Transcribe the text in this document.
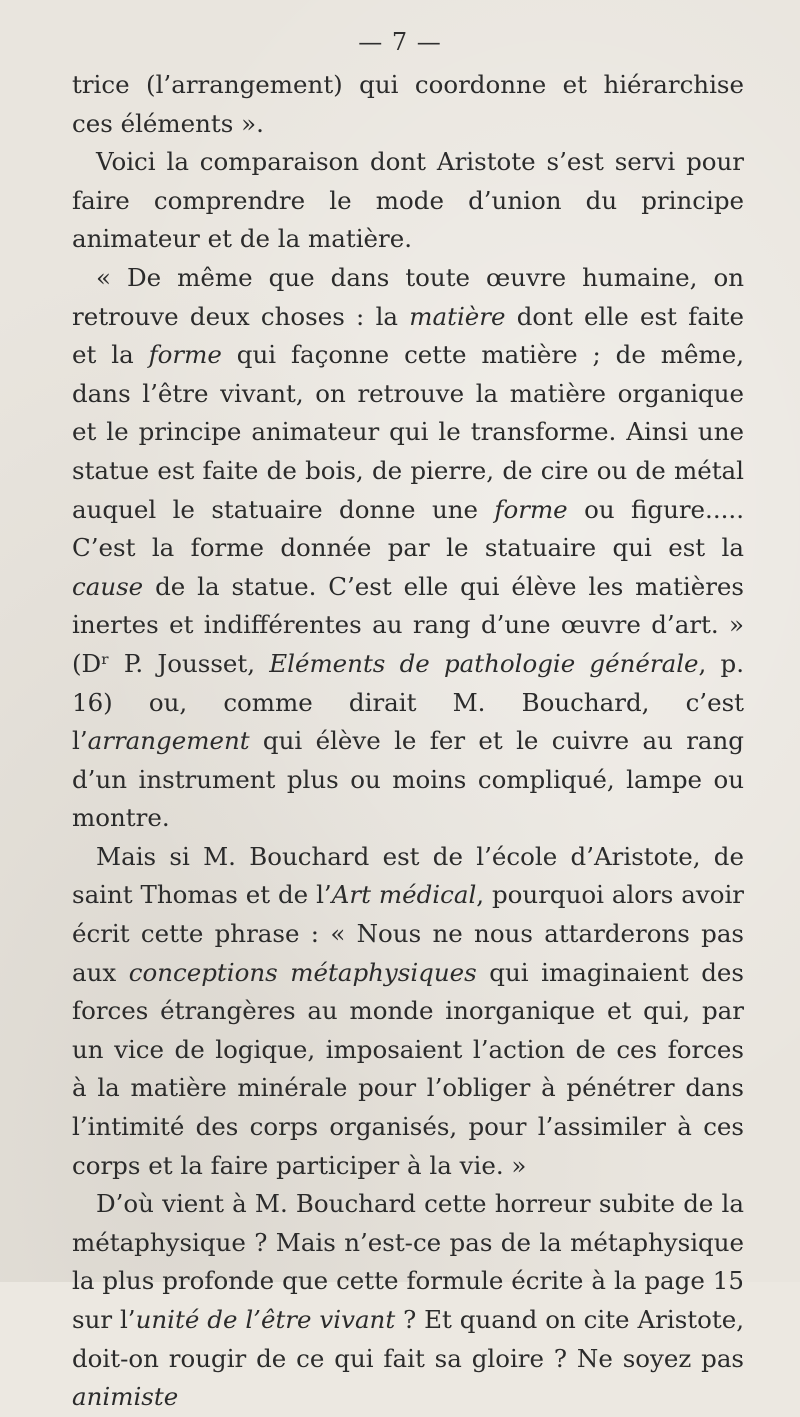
— 7 —

trice (l’arrangement) qui coordonne et hiérarchise ces éléments ».

Voici la comparaison dont Aristote s’est servi pour faire comprendre le mode d’union du principe animateur et de la matière.

« De même que dans toute œuvre humaine, on retrouve deux choses : la matière dont elle est faite et la forme qui façonne cette matière ; de même, dans l’être vivant, on retrouve la matière organique et le principe animateur qui le transforme. Ainsi une statue est faite de bois, de pierre, de cire ou de métal auquel le statuaire donne une forme ou figure..... C’est la forme donnée par le statuaire qui est la cause de la statue. C’est elle qui élève les matières inertes et indifférentes au rang d’une œuvre d’art. » (Dʳ P. Jousset, Eléments de pathologie générale, p. 16) ou, comme dirait M. Bouchard, c’est l’arrangement qui élève le fer et le cuivre au rang d’un instrument plus ou moins compliqué, lampe ou montre.

Mais si M. Bouchard est de l’école d’Aristote, de saint Thomas et de l’Art médical, pourquoi alors avoir écrit cette phrase : « Nous ne nous attarderons pas aux conceptions métaphysiques qui imaginaient des forces étrangères au monde inorganique et qui, par un vice de logique, imposaient l’action de ces forces à la matière minérale pour l’obliger à pénétrer dans l’intimité des corps organisés, pour l’assimiler à ces corps et la faire participer à la vie. »

D’où vient à M. Bouchard cette horreur subite de la métaphysique ? Mais n’est-ce pas de la métaphysique la plus profonde que cette formule écrite à la page 15 sur l’unité de l’être vivant ? Et quand on cite Aristote, doit-on rougir de ce qui fait sa gloire ? Ne soyez pas animiste
